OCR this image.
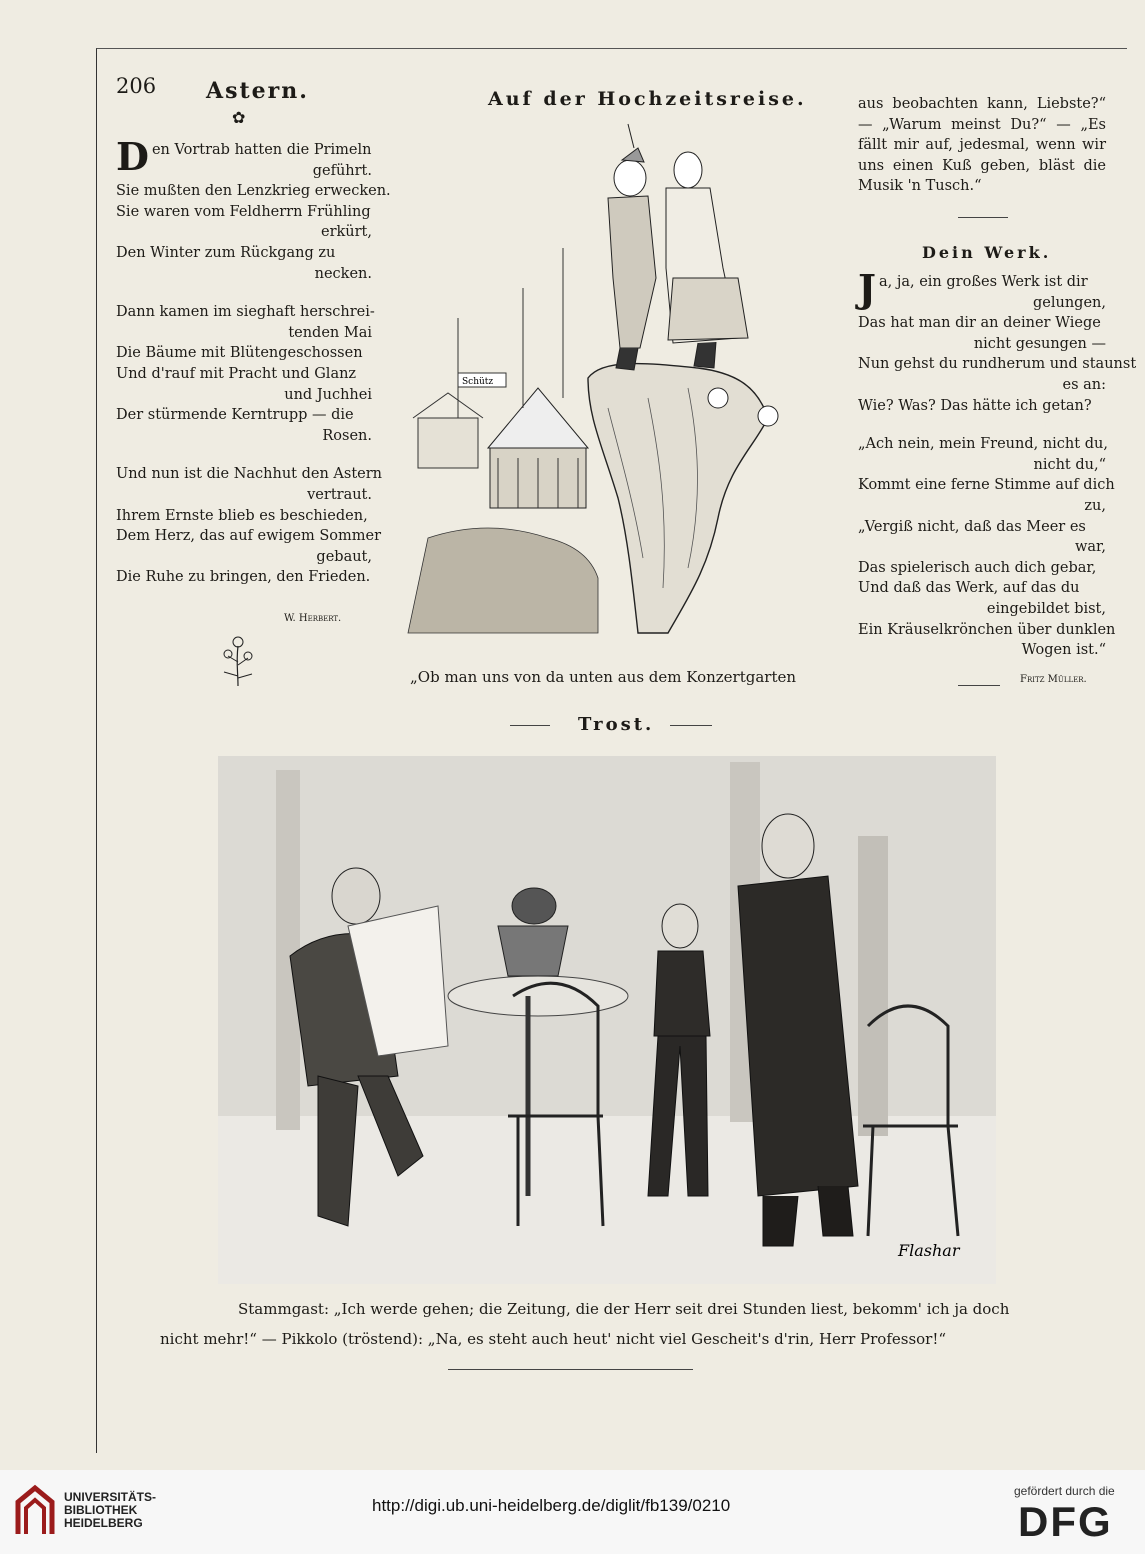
206 Astern.
✿
D en Vortrab hatten die Primeln
geführt.
Sie mußten den Lenzkrieg erwecken.
Sie waren vom Feldherrn Frühling
erkürt,
Den Winter zum Rückgang zu
necken.
Dann kamen im sieghaft herschrei-
tenden Mai
Die Bäume mit Blütengeschossen
Und d'rauf mit Pracht und Glanz
und Juchhei
Der stürmende Kerntrupp — die
Rosen.
Und nun ist die Nachhut den Astern
vertraut.
Ihrem Ernste blieb es beschieden,
Dem Herz, das auf ewigem Sommer
gebaut,
Die Ruhe zu bringen, den Frieden.
W. Herbert.
Auf der Hochzeitsreise.
Schütz
„Ob man uns von da unten aus dem Konzertgarten
aus beobachten kann, Liebste?“ — „Warum meinst Du?“ — „Es fällt mir auf, jedesmal, wenn wir uns einen Kuß geben, bläst die Musik 'n Tusch.“
Dein Werk.
J a, ja, ein großes Werk ist dir
gelungen,
Das hat man dir an deiner Wiege
nicht gesungen —
Nun gehst du rundherum und staunst
es an:
Wie? Was? Das hätte ich getan?
„Ach nein, mein Freund, nicht du,
nicht du,“
Kommt eine ferne Stimme auf dich
zu,
„Vergiß nicht, daß das Meer es
war,
Das spielerisch auch dich gebar,
Und daß das Werk, auf das du
eingebildet bist,
Ein Kräuselkrönchen über dunklen
Wogen ist.“
Fritz Müller.
Trost.
Flashar
Stammgast: „Ich werde gehen; die Zeitung, die der Herr seit drei Stunden liest, bekomm' ich ja doch
nicht mehr!“ — Pikkolo (tröstend): „Na, es steht auch heut' nicht viel Gescheit's d'rin, Herr Professor!“
UNIVERSITÄTS-
BIBLIOTHEK
HEIDELBERG
http://digi.ub.uni-heidelberg.de/diglit/fb139/0210
gefördert durch die
DFG
